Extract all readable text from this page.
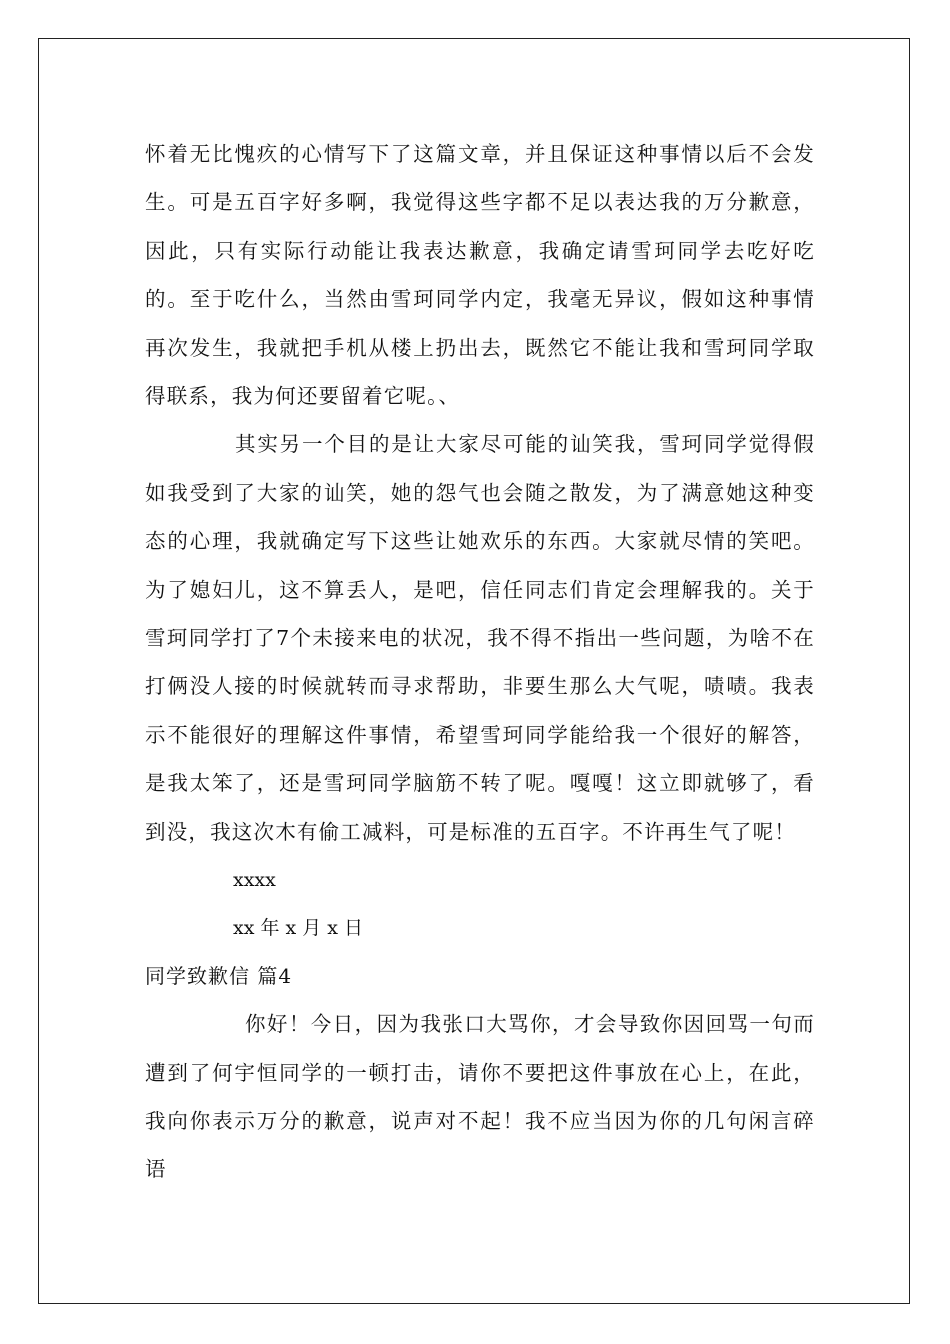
怀着无比愧疚的心情写下了这篇文章，并且保证这种事情以后不会发生。可是五百字好多啊，我觉得这些字都不足以表达我的万分歉意，因此，只有实际行动能让我表达歉意，我确定请雪珂同学去吃好吃的。至于吃什么，当然由雪珂同学内定，我毫无异议，假如这种事情再次发生，我就把手机从楼上扔出去，既然它不能让我和雪珂同学取得联系，我为何还要留着它呢。、

其实另一个目的是让大家尽可能的讪笑我，雪珂同学觉得假如我受到了大家的讪笑，她的怨气也会随之散发，为了满意她这种变态的心理，我就确定写下这些让她欢乐的东西。大家就尽情的笑吧。为了媳妇儿，这不算丢人，是吧，信任同志们肯定会理解我的。关于雪珂同学打了7个未接来电的状况，我不得不指出一些问题，为啥不在打俩没人接的时候就转而寻求帮助，非要生那么大气呢，啧啧。我表示不能很好的理解这件事情，希望雪珂同学能给我一个很好的解答，是我太笨了，还是雪珂同学脑筋不转了呢。嘎嘎！这立即就够了，看到没，我这次木有偷工减料，可是标准的五百字。不许再生气了呢！

xxxx

xx 年 x 月 x 日

同学致歉信 篇4

你好！今日，因为我张口大骂你，才会导致你因回骂一句而遭到了何宇恒同学的一顿打击，请你不要把这件事放在心上，在此，我向你表示万分的歉意，说声对不起！我不应当因为你的几句闲言碎语
